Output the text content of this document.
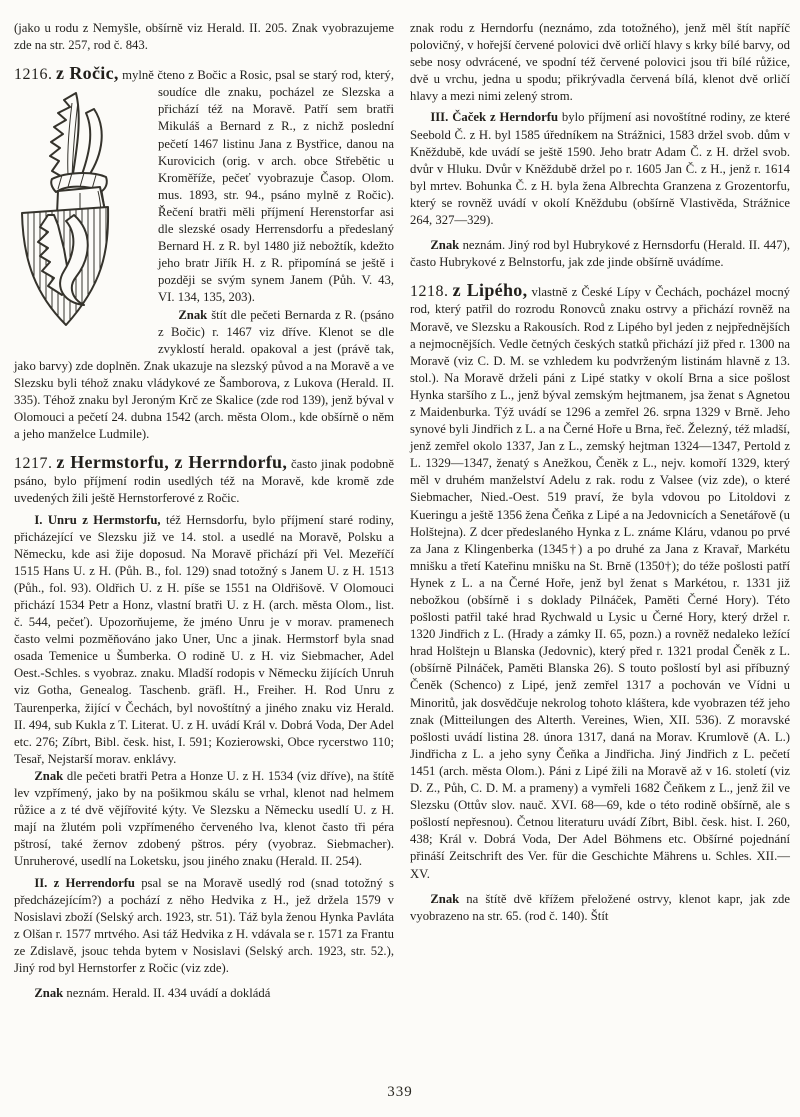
(jako u rodu z Nemyšle, obšírně viz Herald. II. 205. Znak vyobrazujeme zde na str. 257, rod č. 843.

1216. z Ročic, mylně čteno z Bočic a Rosic, psal
se starý rod, který, soudíce dle znaku, pocházel ze Slezska a přichází též na Moravě. Patří sem bratři Mikuláš a Bernard z R., z nichž poslední pečetí 1467 listinu Jana z Bystřice, danou na Kurovicich (orig. v arch. obce Střebětic u Kroměříže, pečeť vyobrazuje Časop. Olom. mus. 1893, str. 94., psáno mylně z Ročic). Řečení bratři měli příjmení Herenstorfar asi dle slezské osady Herrensdorfu a předeslaný Bernard H. z R. byl 1480 již nebožtík, kdežto jeho bratr Jiřík H. z R. připomíná se ještě i později se svým synem Janem (Půh. V. 43, VI. 134, 135, 203).

Znak štít dle pečeti Bernarda z R. (psáno z Bočic) r. 1467 viz dříve. Klenot se dle zvyklostí herald. opakoval a jest (právě tak, jako barvy) zde doplněn. Znak ukazuje na slezský původ a na Moravě a ve Slezsku byli téhož znaku vládykové ze Šamborova, z Lukova (Herald. II. 335). Téhož znaku byl Jeroným Krč ze Skalice (zde rod 139), jenž býval v Olomouci a pečetí 24. dubna 1542 (arch. města Olom., kde obšírně o něm a jeho manželce Ludmile).

1217. z Hermstorfu, z Herrndorfu, často jinak podobně psáno, bylo příjmení rodin usedlých též na Moravě, kde kromě zde uvedených žili ještě Hernstorferové z Ročic.

I. Unru z Hermstorfu, též Hernsdorfu, bylo příjmení staré rodiny, přicházející ve Slezsku již ve 14. stol. a usedlé na Moravě, Polsku a Německu, kde asi žije doposud. Na Moravě přichází při Vel. Mezeříčí 1515 Hans U. z H. (Půh. B., fol. 129) snad totožný s Janem U. z H. 1513 (Půh., fol. 93). Oldřich U. z H. píše se 1551 na Oldřišově. V Olomouci přichází 1534 Petr a Honz, vlastní bratři U. z H. (arch. města Olom., list. č. 544, pečeť). Upozorňujeme, že jméno Unru je v morav. pramenech často velmi pozměňováno jako Uner, Unc a jinak. Hermstorf byla snad osada Temenice u Šumberka. O rodině U. z H. viz Siebmacher, Adel Oest.-Schles. s vyobraz. znaku. Mladší rodopis v Německu žijících Unruh viz Gotha, Genealog. Taschenb. gräfl. H., Freiher. H. Rod Unru z Taurenperka, žijící v Čechách, byl novoštítný a jiného znaku viz Herald. II. 494, sub Kukla z T. Literat. U. z H. uvádí Král v. Dobrá Voda, Der Adel etc. 276; Zíbrt, Bibl. česk. hist, I. 591; Kozierowski, Obce rycerstwo 110; Tesař, Nejstarší morav. enklávy.

Znak dle pečeti bratři Petra a Honze U. z H. 1534 (viz dříve), na štítě lev vzpřímený, jako by na pošikmou skálu se vrhal, klenot nad helmem růžice a z té dvě vějířovité kýty. Ve Slezsku a Německu usedlí U. z H. mají na žlutém poli vzpřímeného červeného lva, klenot často tři péra pštrosí, také žernov zdobený pštros. péry (vyobraz. Siebmacher). Unruherové, usedlí na Loketsku, jsou jiného znaku (Herald. II. 254).

II. z Herrendorfu psal se na Moravě usedlý rod (snad totožný s předcházejícím?) a pochází z něho Hedvika z H., jež držela 1579 v Nosislavi zboží (Selský arch. 1923, str. 51). Táž byla ženou Hynka Pavláta z Olšan r. 1577 mrtvého. Asi táž Hedvika z H. vdávala se r. 1571 za Frantu ze Zdislavě, jsouc tehda bytem v Nosislavi (Selský arch. 1923, str. 52.), Jiný rod byl Hernstorfer z Ročic (viz zde).

Znak neznám. Herald. II. 434 uvádí a dokládá

znak rodu z Herndorfu (neznámo, zda totožného), jenž měl štít napříč polovičný, v hořejší červené polovici dvě orličí hlavy s krky bílé barvy, od sebe nosy odvrácené, ve spodní též červené polovici jsou tři bílé růžice, dvě u vrchu, jedna u spodu; přikrývadla červená bílá, klenot dvě orličí hlavy a mezi nimi zelený strom.

III. Čaček z Herndorfu bylo příjmení asi novoštítné rodiny, ze které Seebold Č. z H. byl 1585 úředníkem na Strážnici, 1583 držel svob. dům v Kněždubě, kde uvádí se ještě 1590. Jeho bratr Adam Č. z H. držel svob. dvůr v Hluku. Dvůr v Kněždubě držel po r. 1605 Jan Č. z H., jenž r. 1614 byl mrtev. Bohunka Č. z H. byla žena Albrechta Granzena z Grozentorfu, který se rovněž uvádí v okolí Kněždubu (obšírně Vlastivěda, Strážnice 264, 327—329).

Znak neznám. Jiný rod byl Hubrykové z Hernsdorfu (Herald. II. 447), často Hubrykové z Belnstorfu, jak zde jinde obšírně uvádíme.

1218. z Lipého, vlastně z České Lípy v Čechách, pocházel mocný rod, který patřil do rozrodu Ronovců znaku ostrvy a přichází rovněž na Moravě, ve Slezsku a Rakousích. Rod z Lipého byl jeden z nejpřednějších a nejmocnějších. Vedle četných českých statků přichází již před r. 1300 na Moravě (viz C. D. M. se vzhledem ku podvrženým listinám hlavně z 13. stol.). Na Moravě drželi páni z Lipé statky v okolí Brna a sice pošlost Hynka staršího z L., jenž býval zemským hejtmanem, jsa ženat s Agnetou z Maidenburka. Týž uvádí se 1296 a zemřel 26. srpna 1329 v Brně. Jeho synové byli Jindřich z L. a na Černé Hoře u Brna, řeč. Železný, též mladší, jenž zemřel okolo 1337, Jan z L., zemský hejtman 1324—1347, Pertold z L. 1329—1347, ženatý s Anežkou, Čeněk z L., nejv. komoří 1329, který měl v druhém manželství Adelu z rak. rodu z Valsee (viz zde), o které Siebmacher, Nied.-Oest. 519 praví, že byla vdovou po Litoldovi z Kueringu a ještě 1356 žena Čeňka z Lipé a na Jedovnicích a Senetářově (u Holštejna). Z dcer předeslaného Hynka z L. známe Kláru, vdanou po prvé za Jana z Klingenberka (1345†) a po druhé za Jana z Kravař, Markétu mnišku a třetí Kateřinu mnišku na St. Brně (1350†); do téže pošlosti patří Hynek z L. a na Černé Hoře, jenž byl ženat s Markétou, r. 1331 již nebožkou (obšírně i s doklady Pilnáček, Paměti Černé Hory). Této pošlosti patřil také hrad Rychwald u Lysic u Černé Hory, který držel r. 1320 Jindřich z L. (Hrady a zámky II. 65, pozn.) a rovněž nedaleko ležící hrad Holštejn u Blanska (Jedovnic), který před r. 1321 prodal Čeněk z L. (obšírně Pilnáček, Paměti Blanska 26). S touto pošlostí byl asi příbuzný Čeněk (Schenco) z Lipé, jenž zemřel 1317 a pochován ve Vídni u Minoritů, jak dosvědčuje nekrolog tohoto kláštera, kde vyobrazen též jeho znak (Mitteilungen des Alterth. Vereines, Wien, XII. 536). Z moravské pošlosti uvádí listina 28. února 1317, daná na Morav. Krumlově (A. L.) Jindřicha z L. a jeho syny Čeňka a Jindřicha. Jiný Jindřich z L. pečetí 1451 (arch. města Olom.). Páni z Lipé žili na Moravě až v 16. století (viz D. Z., Půh, C. D. M. a prameny) a vymřeli 1682 Čeňkem z L., jenž žil ve Slezsku (Ottův slov. nauč. XVI. 68—69, kde o této rodině obšírně, ale s pošlostí nepřesnou). Četnou literaturu uvádí Zíbrt, Bibl. česk. hist. I. 260, 438; Král v. Dobrá Voda, Der Adel Böhmens etc. Obšírné pojednání přináší Zeitschrift des Ver. für die Geschichte Mährens u. Schles. XII.—XV.

Znak na štítě dvě křížem přeložené ostrvy, klenot kapr, jak zde vyobrazeno na str. 65. (rod č. 140). Štít

339
